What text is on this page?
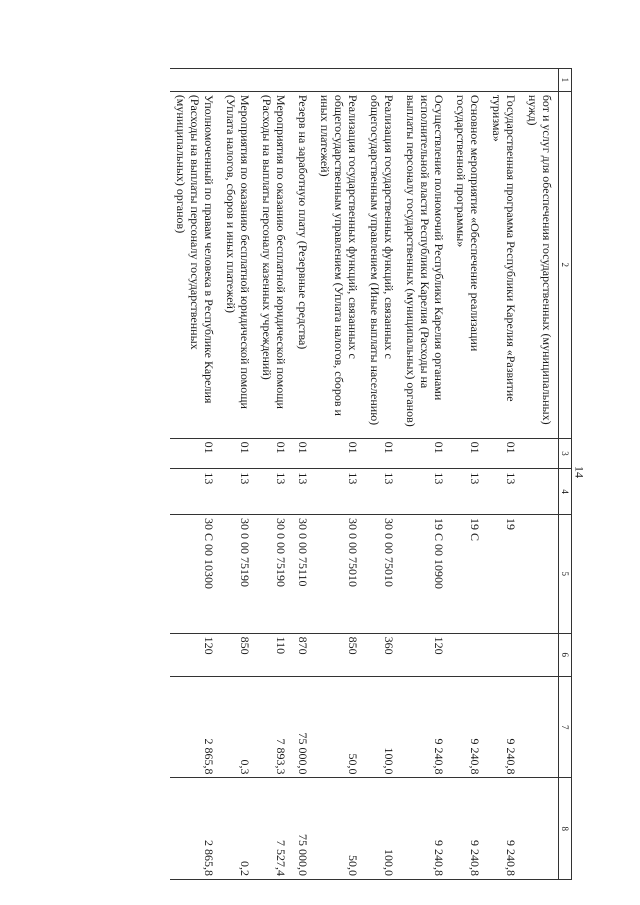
14
1	2	3	4	5	6	7	8
	бот и услуг для обеспечения государственных (муниципальных) нужд)						
	Государственная программа Республики Карелия «Развитие туризма»	01	13	19		9 240,8	9 240,8
	Основное мероприятие «Обеспечение реализации государственной программы»	01	13	19 С		9 240,8	9 240,8
	Осуществление полномочий Республики Карелия органами исполнительной власти Республики Карелия (Расходы на выплаты персоналу государственных (муниципальных) органов)	01	13	19 С 00 10900	120	9 240,8	9 240,8
	Реализация государственных функций, связанных с общегосударственным управлением (Иные выплаты населению)	01	13	30 0 00 75010	360	100,0	100,0
	Реализация государственных функций, связанных с общегосударственным управлением (Уплата налогов, сборов и иных платежей)	01	13	30 0 00 75010	850	50,0	50,0
	Резерв на заработную плату (Резервные средства)	01	13	30 0 00 75110	870	75 000,0	75 000,0
	Мероприятия по оказанию бесплатной юридической помощи (Расходы на выплаты персоналу казенных учреждений)	01	13	30 0 00 75190	110	7 893,3	7 527,4
	Мероприятия по оказанию бесплатной юридической помощи (Уплата налогов, сборов и иных платежей)	01	13	30 0 00 75190	850	0,3	0,2
	Уполномоченный по правам человека в Республике Карелия (Расходы на выплаты персоналу государственных (муниципальных) органов)	01	13	30 С 00 10300	120	2 865,8	2 865,8
